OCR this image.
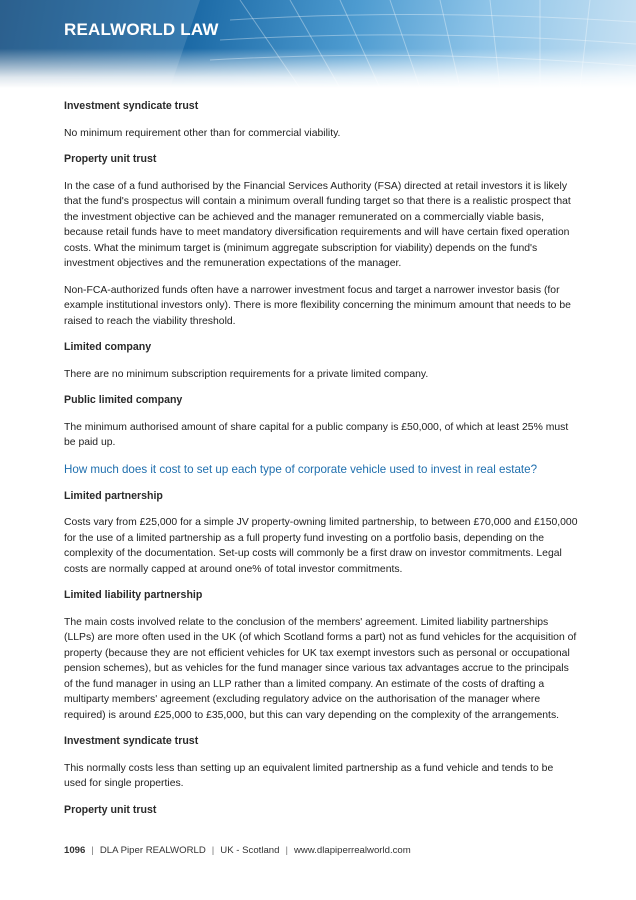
REALWORLD LAW
Investment syndicate trust
No minimum requirement other than for commercial viability.
Property unit trust
In the case of a fund authorised by the Financial Services Authority (FSA) directed at retail investors it is likely that the fund's prospectus will contain a minimum overall funding target so that there is a realistic prospect that the investment objective can be achieved and the manager remunerated on a commercially viable basis, because retail funds have to meet mandatory diversification requirements and will have certain fixed operation costs. What the minimum target is (minimum aggregate subscription for viability) depends on the fund's investment objectives and the remuneration expectations of the manager.
Non-FCA-authorized funds often have a narrower investment focus and target a narrower investor basis (for example institutional investors only). There is more flexibility concerning the minimum amount that needs to be raised to reach the viability threshold.
Limited company
There are no minimum subscription requirements for a private limited company.
Public limited company
The minimum authorised amount of share capital for a public company is £50,000, of which at least 25% must be paid up.
How much does it cost to set up each type of corporate vehicle used to invest in real estate?
Limited partnership
Costs vary from £25,000 for a simple JV property-owning limited partnership, to between £70,000 and £150,000 for the use of a limited partnership as a full property fund investing on a portfolio basis, depending on the complexity of the documentation. Set-up costs will commonly be a first draw on investor commitments. Legal costs are normally capped at around one% of total investor commitments.
Limited liability partnership
The main costs involved relate to the conclusion of the members' agreement. Limited liability partnerships (LLPs) are more often used in the UK (of which Scotland forms a part) not as fund vehicles for the acquisition of property (because they are not efficient vehicles for UK tax exempt investors such as personal or occupational pension schemes), but as vehicles for the fund manager since various tax advantages accrue to the principals of the fund manager in using an LLP rather than a limited company. An estimate of the costs of drafting a multiparty members' agreement (excluding regulatory advice on the authorisation of the manager where required) is around £25,000 to £35,000, but this can vary depending on the complexity of the arrangements.
Investment syndicate trust
This normally costs less than setting up an equivalent limited partnership as a fund vehicle and tends to be used for single properties.
Property unit trust
1096 | DLA Piper REALWORLD | UK - Scotland | www.dlapiperrealworld.com
